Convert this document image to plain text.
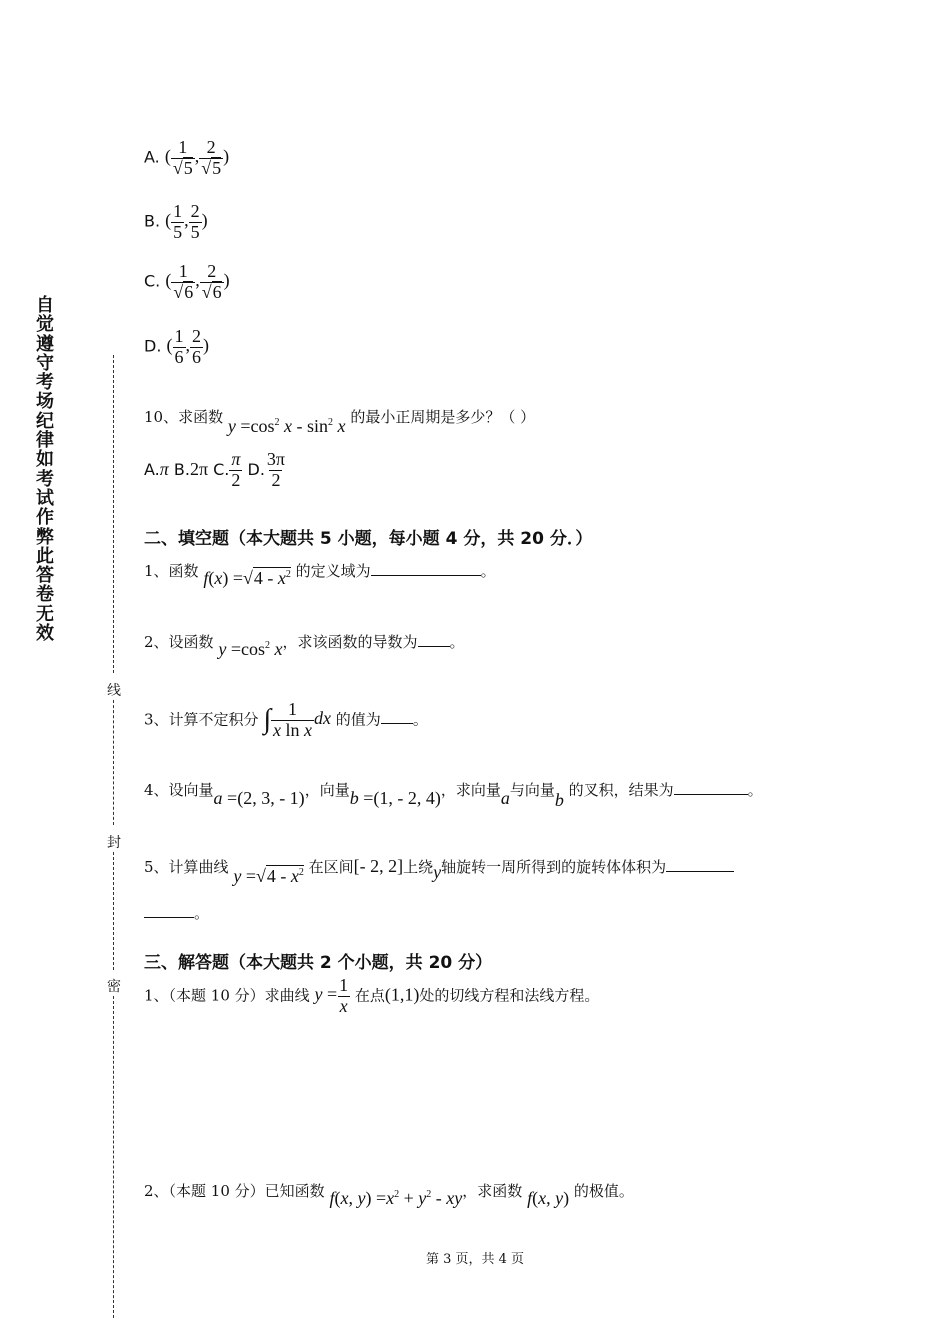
自觉遵守考场纪律如考试作弊此答卷无效
线
封
密
A. ( $\frac{1}{√5}$ , $\frac{2}{√5}$ )
B. ( $\frac{1}{5}$ , $\frac{2}{5}$ )
C. ( $\frac{1}{√6}$ , $\frac{2}{√6}$ )
D. ( $\frac{1}{6}$ , $\frac{2}{6}$ )
10、求函数 $y =\cos^2$ x - $\sin^2 x$ 的最小正周期是多少？（ ）
A.π B.2π C. $\frac{\pi}{2} D$. $\frac{3\pi}{2}$
二、填空题（本大题共 5 小题，每小题 4 分，共 20 分．）
1、函数 $f(x) =√4 - x^2$ 的定义域为	。
2、设函数 $y =\cos^2$ x，求该函数的导数为 。
3、计算不定积分 ∫ $\frac{1}{\text{x ln x}}$ dx 的值为 。
4、设向量a =(2, 3, - 1)，向量b =(1, - 2, 4)，求向量a与向量b 的叉积，结果为	。
5、计算曲线 $y =√4 - x^2$ 在区间[- 2, 2]上绕y轴旋转一周所得到的旋转体体积为
。
三、解答题（本大题共 2 个小题，共 20 分）
1、（本题 10 分）求曲线 $y = \frac{1}{x}$ 在点(1,1)处的切线方程和法线方程。
2、（本题 10 分）已知函数 f(x, $y) =x^2 + y^2$ - xy，求函数 f(x, y) 的极值。
第 3 页，共 4 页
